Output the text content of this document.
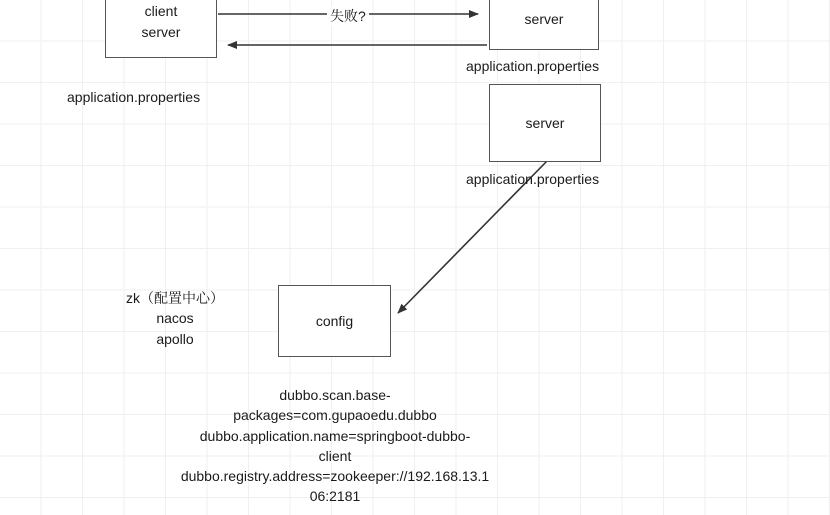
client
server
server
server
config
失败?
application.properties
application.properties
application.properties
zk（配置中心）
nacos
apollo
dubbo.scan.base-
packages=com.gupaoedu.dubbo
dubbo.application.name=springboot-dubbo-
client
dubbo.registry.address=zookeeper://192.168.13.1
06:2181
